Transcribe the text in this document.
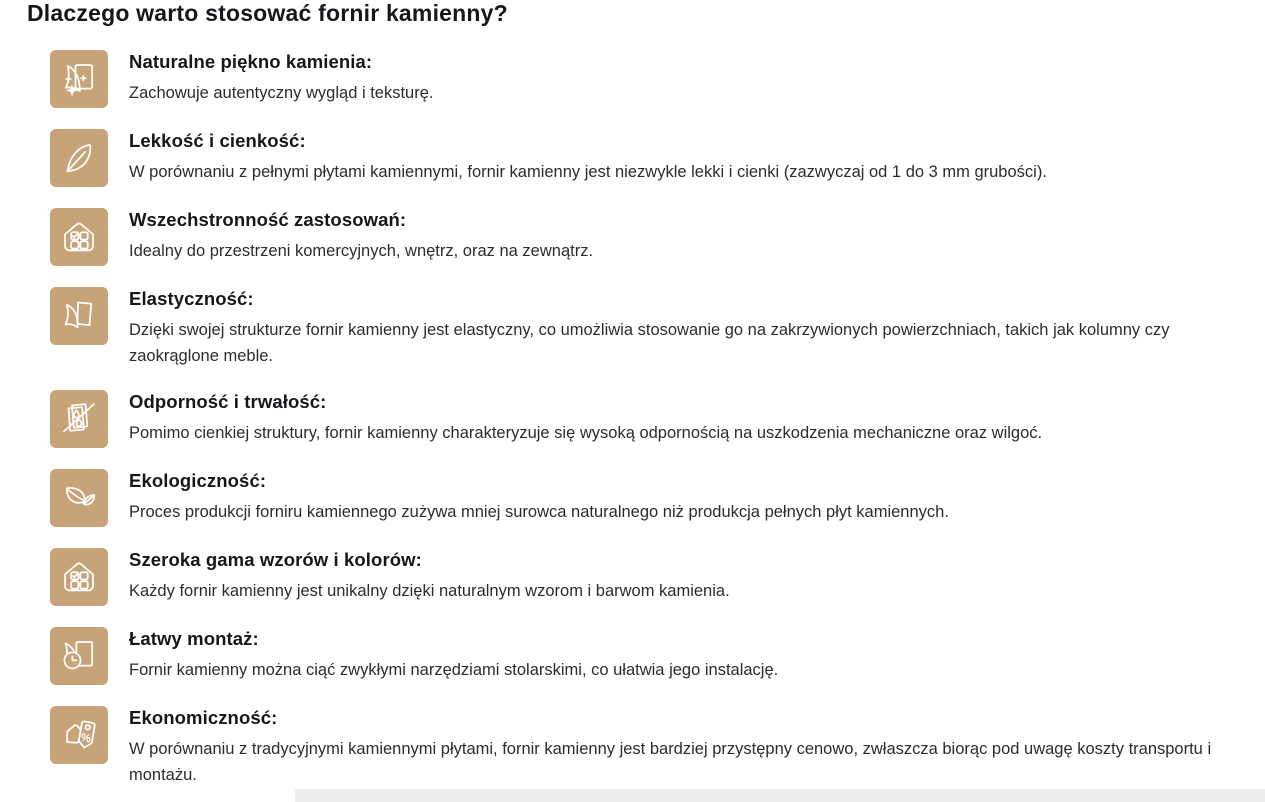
Dlaczego warto stosować fornir kamienny?
Naturalne piękno kamienia:

Zachowuje autentyczny wygląd i teksturę.

Lekkość i cienkość:

W porównaniu z pełnymi płytami kamiennymi, fornir kamienny jest niezwykle lekki i cienki (zazwyczaj od 1 do 3 mm grubości).

Wszechstronność zastosowań:

Idealny do przestrzeni komercyjnych, wnętrz, oraz na zewnątrz.

Elastyczność:

Dzięki swojej strukturze fornir kamienny jest elastyczny, co umożliwia stosowanie go na zakrzywionych powierzchniach, takich jak kolumny czy zaokrąglone meble.

Odporność i trwałość:

Pomimo cienkiej struktury, fornir kamienny charakteryzuje się wysoką odpornością na uszkodzenia mechaniczne oraz wilgoć.

Ekologiczność:

Proces produkcji forniru kamiennego zużywa mniej surowca naturalnego niż produkcja pełnych płyt kamiennych.

Szeroka gama wzorów i kolorów:

Każdy fornir kamienny jest unikalny dzięki naturalnym wzorom i barwom kamienia.

Łatwy montaż:

Fornir kamienny można ciąć zwykłymi narzędziami stolarskimi, co ułatwia jego instalację.

%
Ekonomiczność:

W porównaniu z tradycyjnymi kamiennymi płytami, fornir kamienny jest bardziej przystępny cenowo, zwłaszcza biorąc pod uwagę koszty transportu i montażu.
